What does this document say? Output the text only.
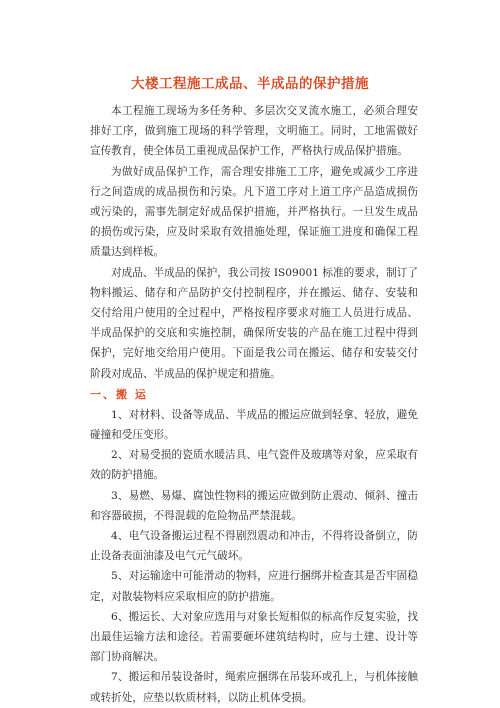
大楼工程施工成品、半成品的保护措施

本工程施工现场为多任务种、多层次交叉流水施工，必须合理安排好工序，做到施工现场的科学管理，文明施工。同时，工地需做好宣传教育，使全体员工重视成品保护工作，严格执行成品保护措施。

为做好成品保护工作，需合理安排施工工序，避免或减少工序进行之间造成的成品损伤和污染。凡下道工序对上道工序产品造成损伤或污染的，需事先制定好成品保护措施，并严格执行。一旦发生成品的损伤或污染，应及时采取有效措施处理，保证施工进度和确保工程质量达到样板。

对成品、半成品的保护，我公司按 IS09001 标准的要求，制订了物料搬运、储存和产品防护交付控制程序，并在搬运、储存、安装和交付给用户使用的全过程中，严格按程序要求对施工人员进行成品、半成品保护的交底和实施控制，确保所安装的产品在施工过程中得到保护，完好地交给用户使用。下面是我公司在搬运、储存和安装交付阶段对成品、半成品的保护规定和措施。

一、搬 运

1、对材料、设备等成品、半成品的搬运应做到轻拿、轻放，避免碰撞和受压变形。

2、对易受损的瓷质水暖洁具、电气瓷件及玻璃等对象，应采取有效的防护措施。

3、易燃、易爆、腐蚀性物料的搬运应做到防止震动、倾斜、撞击和容器破损，不得混载的危险物品严禁混载。

4、电气设备搬运过程不得剧烈震动和冲击，不得将设备倒立，防止设备表面油漆及电气元气破坏。

5、对运输途中可能滑动的物料，应进行捆绑并检查其是否牢固稳定，对散装物料应采取相应的防护措施。

6、搬运长、大对象应选用与对象长短相似的标高作反复实验，找出最佳运输方法和途径。若需要砸坏建筑结构时，应与土建、设计等部门协商解决。

7、搬运和吊装设备时，绳索应捆绑在吊装环或孔上，与机体接触或转折处，应垫以软质材料，以防止机体受损。
